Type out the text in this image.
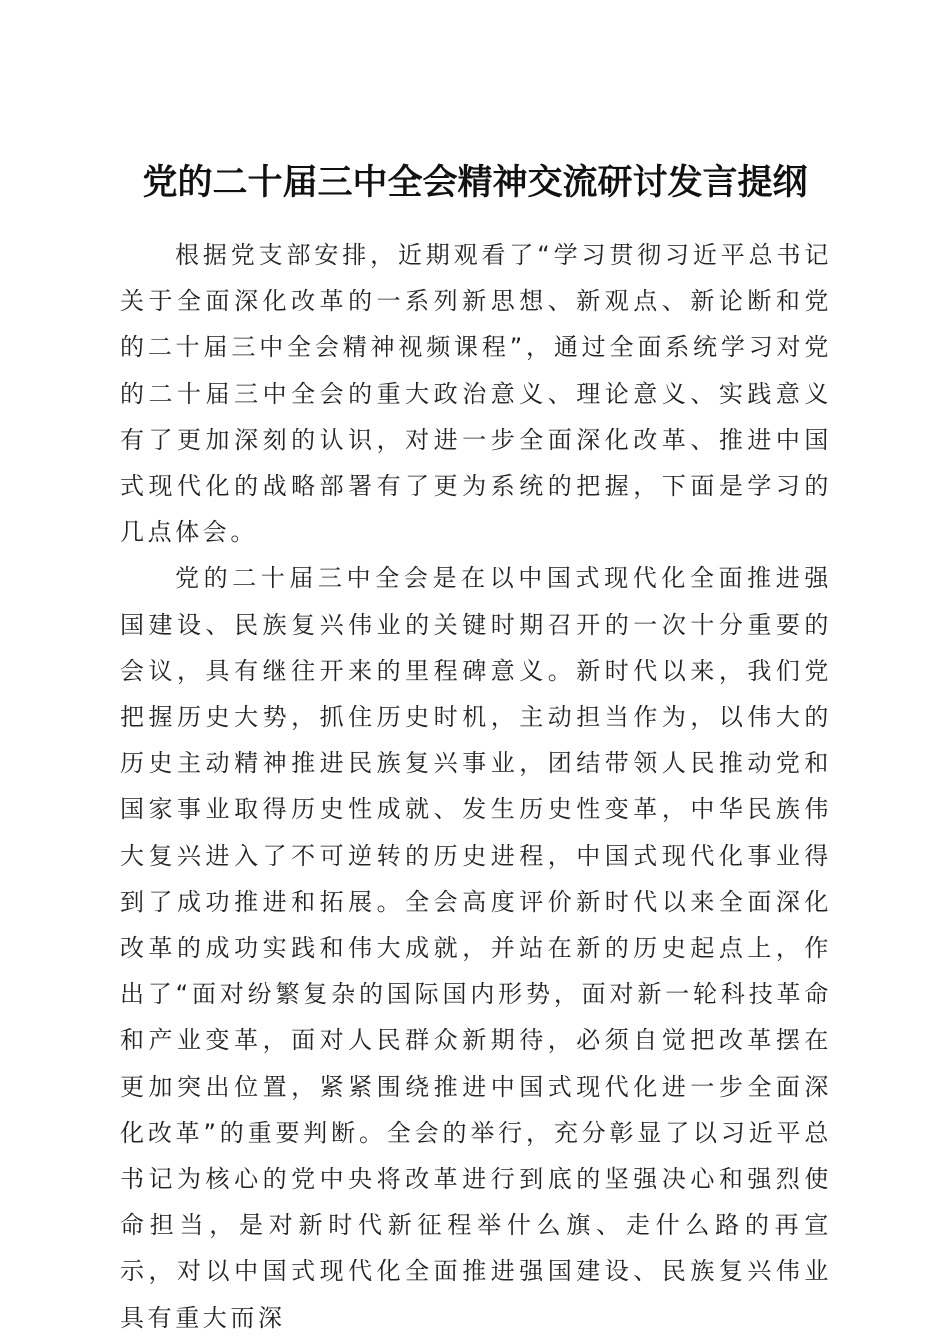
党的二十届三中全会精神交流研讨发言提纲

根据党支部安排，近期观看了“学习贯彻习近平总书记关于全面深化改革的一系列新思想、新观点、新论断和党的二十届三中全会精神视频课程”，通过全面系统学习对党的二十届三中全会的重大政治意义、理论意义、实践意义有了更加深刻的认识，对进一步全面深化改革、推进中国式现代化的战略部署有了更为系统的把握，下面是学习的几点体会。

党的二十届三中全会是在以中国式现代化全面推进强国建设、民族复兴伟业的关键时期召开的一次十分重要的会议，具有继往开来的里程碑意义。新时代以来，我们党把握历史大势，抓住历史时机，主动担当作为，以伟大的历史主动精神推进民族复兴事业，团结带领人民推动党和国家事业取得历史性成就、发生历史性变革，中华民族伟大复兴进入了不可逆转的历史进程，中国式现代化事业得到了成功推进和拓展。全会高度评价新时代以来全面深化改革的成功实践和伟大成就，并站在新的历史起点上，作出了“面对纷繁复杂的国际国内形势，面对新一轮科技革命和产业变革，面对人民群众新期待，必须自觉把改革摆在更加突出位置，紧紧围绕推进中国式现代化进一步全面深化改革”的重要判断。全会的举行，充分彰显了以习近平总书记为核心的党中央将改革进行到底的坚强决心和强烈使命担当，是对新时代新征程举什么旗、走什么路的再宣示，对以中国式现代化全面推进强国建设、民族复兴伟业具有重大而深
